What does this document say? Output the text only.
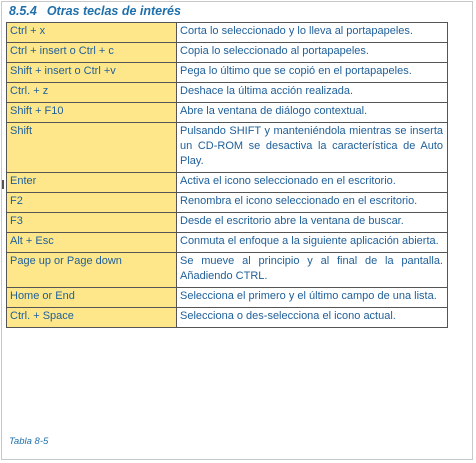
8.5.4 Otras teclas de interés
Ctrl + x	Corta lo seleccionado y lo lleva al portapapeles.
Ctrl + insert o Ctrl + c	Copia lo seleccionado al portapapeles.
Shift + insert o Ctrl +v	Pega lo último que se copió en el portapapeles.
Ctrl. + z	Deshace la última acción realizada.
Shift + F10	Abre la ventana de diálogo contextual.
Shift	Pulsando SHIFT y manteniéndola mientras se inserta un CD-ROM se desactiva la característica de Auto Play.
Enter	Activa el icono seleccionado en el escritorio.
F2	Renombra el icono seleccionado en el escritorio.
F3	Desde el escritorio abre la ventana de buscar.
Alt + Esc	Conmuta el enfoque a la siguiente aplicación abierta.
Page up or Page down	Se mueve al principio y al final de la pantalla. Añadiendo CTRL.
Home or End	Selecciona el primero y el último campo de una lista.
Ctrl. + Space	Selecciona o des-selecciona el icono actual.
Tabla 8-5
